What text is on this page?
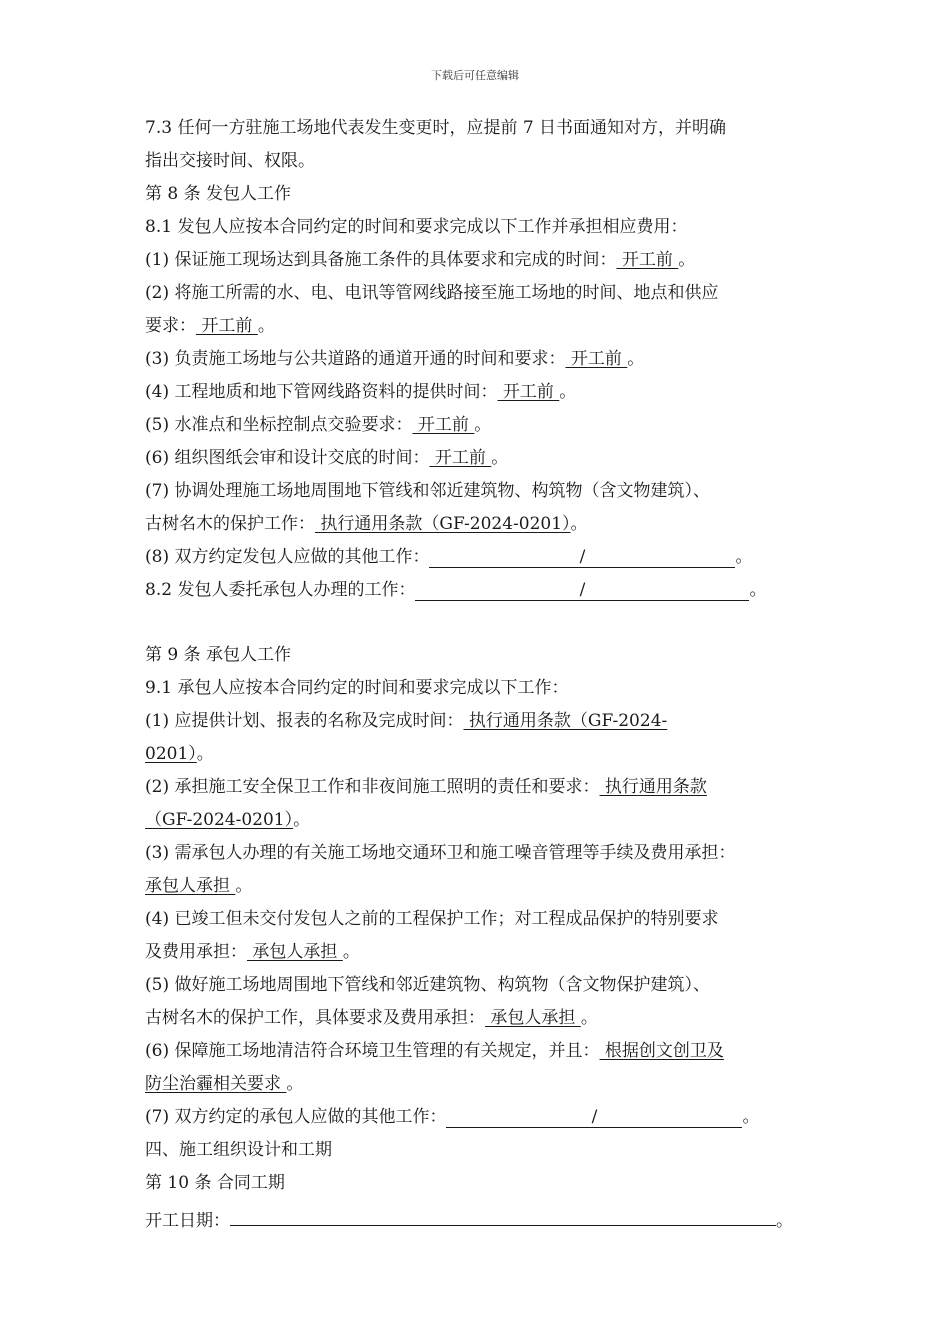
下载后可任意编辑
7.3 任何一方驻施工场地代表发生变更时，应提前 7 日书面通知对方，并明确
指出交接时间、权限。
第 8 条 发包人工作
8.1 发包人应按本合同约定的时间和要求完成以下工作并承担相应费用：
(1) 保证施工现场达到具备施工条件的具体要求和完成的时间： 开工前 。
(2) 将施工所需的水、电、电讯等管网线路接至施工场地的时间、地点和供应
要求： 开工前 。
(3) 负责施工场地与公共道路的通道开通的时间和要求： 开工前 。
(4) 工程地质和地下管网线路资料的提供时间： 开工前 。
(5) 水准点和坐标控制点交验要求： 开工前 。
(6) 组织图纸会审和设计交底的时间： 开工前 。
(7) 协调处理施工场地周围地下管线和邻近建筑物、构筑物（含文物建筑）、
古树名木的保护工作： 执行通用条款（GF-2024-0201）。
(8) 双方约定发包人应做的其他工作：	/	。
8.2 发包人委托承包人办理的工作：	/	。
第 9 条 承包人工作
9.1 承包人应按本合同约定的时间和要求完成以下工作：
(1) 应提供计划、报表的名称及完成时间： 执行通用条款（GF-2024-
0201）。
(2) 承担施工安全保卫工作和非夜间施工照明的责任和要求： 执行通用条款
（GF-2024-0201）。
(3) 需承包人办理的有关施工场地交通环卫和施工噪音管理等手续及费用承担：
承包人承担 。
(4) 已竣工但未交付发包人之前的工程保护工作；对工程成品保护的特别要求
及费用承担： 承包人承担 。
(5) 做好施工场地周围地下管线和邻近建筑物、构筑物（含文物保护建筑）、
古树名木的保护工作，具体要求及费用承担： 承包人承担 。
(6) 保障施工场地清洁符合环境卫生管理的有关规定，并且： 根据创文创卫及
防尘治霾相关要求 。
(7) 双方约定的承包人应做的其他工作：	/	。
四、施工组织设计和工期
第 10 条 合同工期
开工日期：	。
